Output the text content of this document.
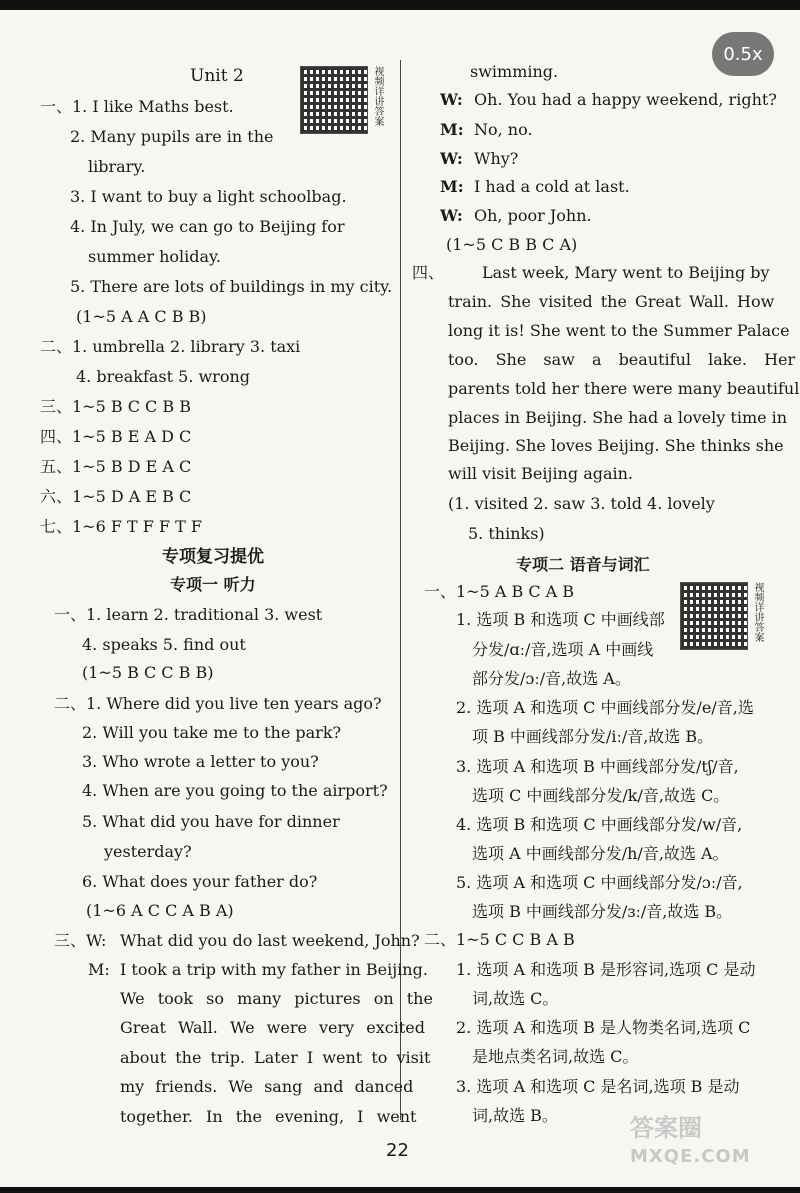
0.5x
Unit 2	视频详讲答案
一、1. I like Maths best.
2. Many pupils are in the
library.
3. I want to buy a light schoolbag.
4. In July, we can go to Beijing for
summer holiday.
5. There are lots of buildings in my city.
(1~5 A A C B B)
二、1. umbrella 2. library 3. taxi
4. breakfast 5. wrong
三、1~5 B C C B B
四、1~5 B E A D C
五、1~5 B D E A C
六、1~5 D A E B C
七、1~6 F T F F T F
专项复习提优
专项一 听力
一、1. learn 2. traditional 3. west
4. speaks 5. find out
(1~5 B C C B B)
二、1. Where did you live ten years ago?
2. Will you take me to the park?
3. Who wrote a letter to you?
4. When are you going to the airport?
5. What did you have for dinner
yesterday?
6. What does your father do?
(1~6 A C C A B A)
三、W: What did you do last weekend, John?
M: I took a trip with my father in Beijing.
We took so many pictures on the
Great Wall. We were very excited
about the trip. Later I went to visit
my friends. We sang and danced
together. In the evening, I went
swimming.
W: Oh. You had a happy weekend, right?
M: No, no.
W: Why?
M: I had a cold at last.
W: Oh, poor John.
(1~5 C B B C A)
四、 Last week, Mary went to Beijing by
train. She visited the Great Wall. How
long it is! She went to the Summer Palace
too. She saw a beautiful lake. Her
parents told her there were many beautiful
places in Beijing. She had a lovely time in
Beijing. She loves Beijing. She thinks she
will visit Beijing again.
(1. visited 2. saw 3. told 4. lovely
5. thinks)
专项二 语音与词汇
视频详讲答案
一、1~5 A B C A B
1. 选项 B 和选项 C 中画线部
分发/ɑː/音,选项 A 中画线
部分发/ɔː/音,故选 A。
2. 选项 A 和选项 C 中画线部分发/e/音,选
项 B 中画线部分发/iː/音,故选 B。
3. 选项 A 和选项 B 中画线部分发/tʃ/音,
选项 C 中画线部分发/k/音,故选 C。
4. 选项 B 和选项 C 中画线部分发/w/音,
选项 A 中画线部分发/h/音,故选 A。
5. 选项 A 和选项 C 中画线部分发/ɔː/音,
选项 B 中画线部分发/ɜː/音,故选 B。
二、1~5 C C B A B
1. 选项 A 和选项 B 是形容词,选项 C 是动
词,故选 C。
2. 选项 A 和选项 B 是人物类名词,选项 C
是地点类名词,故选 C。
3. 选项 A 和选项 C 是名词,选项 B 是动
词,故选 B。
22
答案圈
MXQE.COM
